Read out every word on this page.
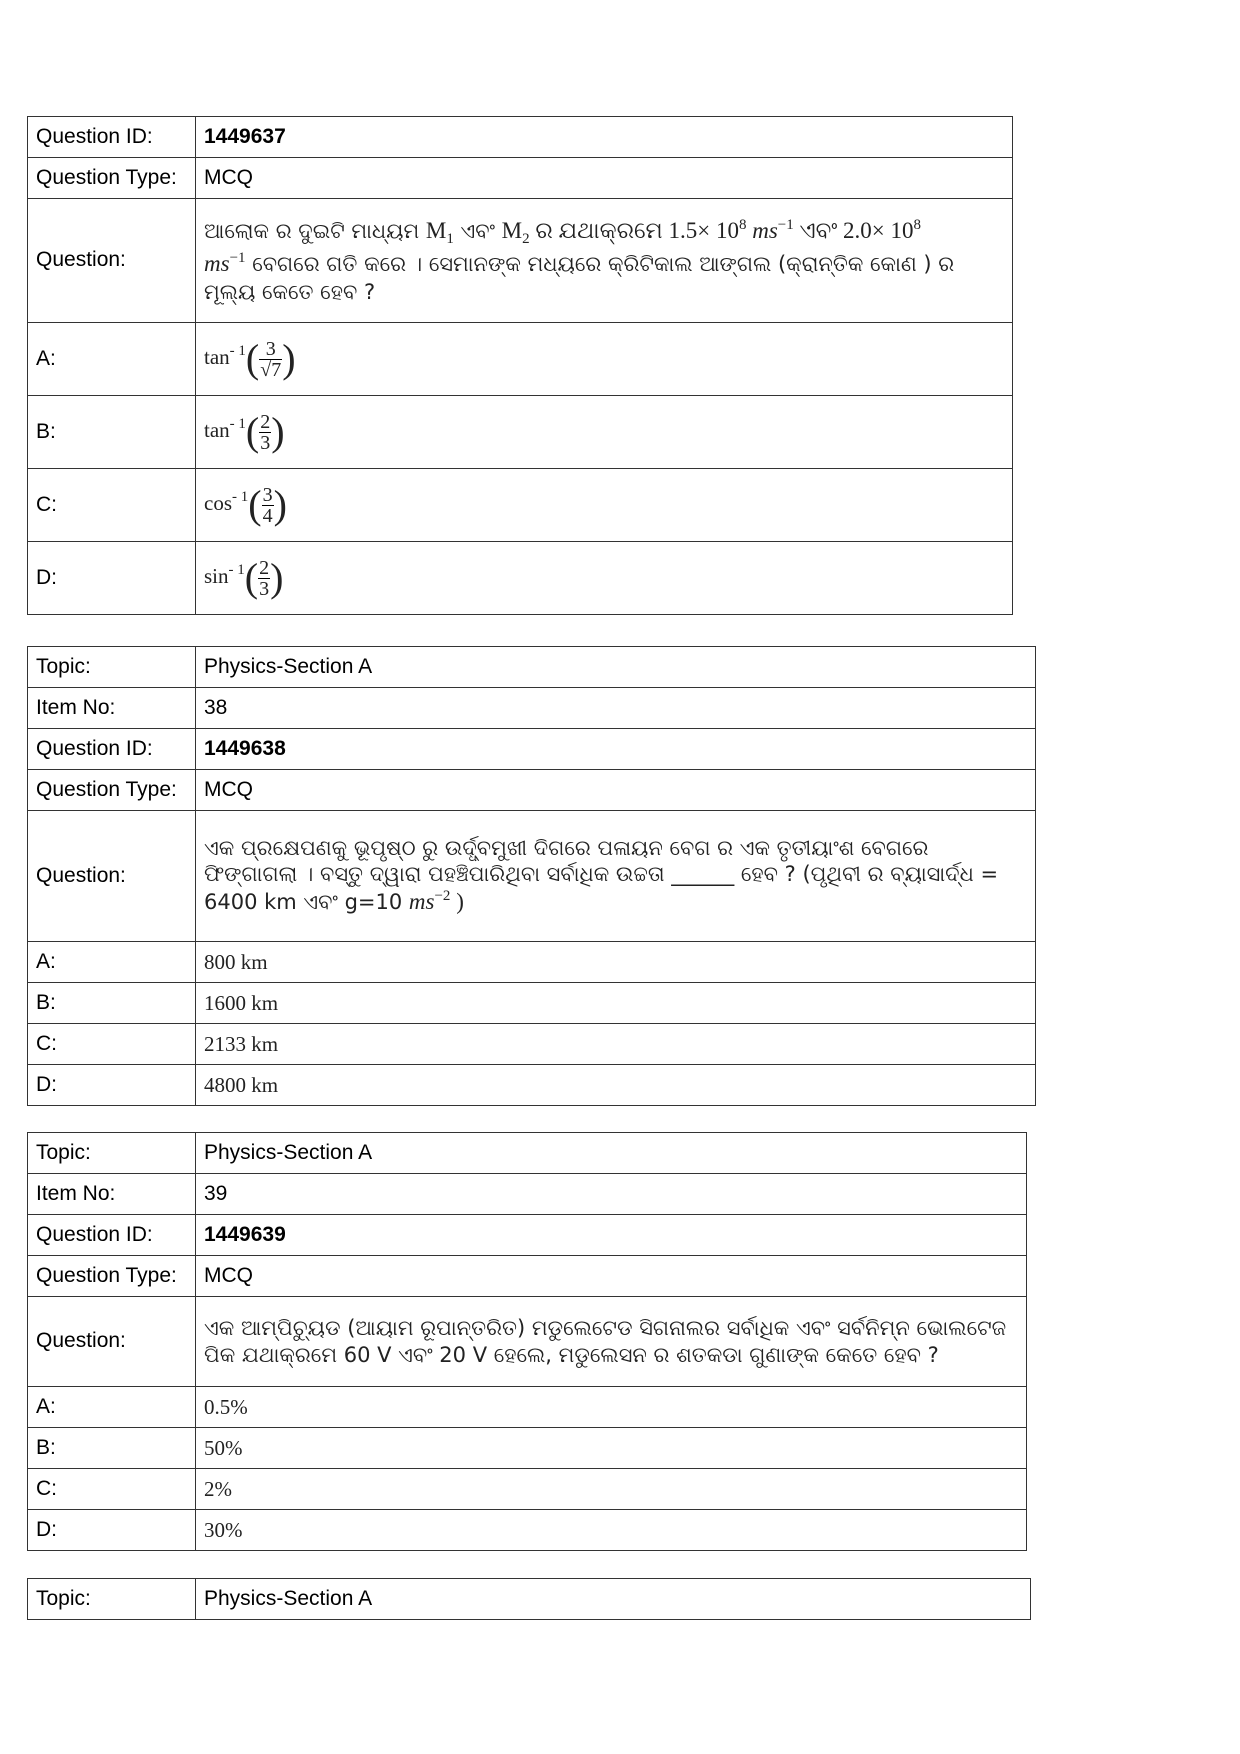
Question ID:	1449637
Question Type:	MCQ
Question:	ଆଲୋକ ର ଦୁଇଟି ମାଧ୍ୟମ $M_1$ ଏବଂ $M_2$ ର ଯଥାକ୍ରମେ $1.5\times 10^8$ $ms^{-1}$ ଏବଂ $2.0\times 10^8$
$ms^{-1}$ ବେଗରେ ଗତି କରେ । ସେମାନଙ୍କ ମଧ୍ୟରେ କ୍ରିଟିକାଲ ଆଙ୍ଗଲ (କ୍ରାନ୍ତିକ କୋଣ ) ର ମୂଲ୍ୟ କେତେ ହେବ ?
A:	$\tan^{- 1}( \frac{3}{√7}$ )
B:	$\tan^{- 1}( \frac{2}{3}$ )
C:	$\cos^{- 1}( \frac{3}{4}$ )
D:	$\sin^{- 1}( \frac{2}{3}$ )
Topic:	Physics-Section A
Item No:	38
Question ID:	1449638
Question Type:	MCQ
Question:	ଏକ ପ୍ରକ୍ଷେପଣକୁ ଭୂପୃଷ୍ଠ ରୁ ଉର୍ଦ୍ଧ୍ବମୁଖୀ ଦିଗରେ ପଳାୟନ ବେଗ ର ଏକ ତୃତୀୟାଂଶ ବେଗରେ ଫିଙ୍ଗାଗଲା । ବସ୍ତୁ ଦ୍ୱାରା ପହଞ୍ଚିପାରିଥିବା ସର୍ବାଧିକ ଉଚ୍ଚତା ______ ହେବ ? (ପୃଥିବୀ ର ବ୍ୟାସାର୍ଦ୍ଧ = 6400 km ଏବଂ g=10 $ms^{-2}$ )
A:	800 km
B:	1600 km
C:	2133 km
D:	4800 km
Topic:	Physics-Section A
Item No:	39
Question ID:	1449639
Question Type:	MCQ
Question:	ଏକ ଆମ୍ପିଚ୍ୟୁଡ (ଆୟାମ ରୂପାନ୍ତରିତ) ମଡୁଲେଟେଡ ସିଗନାଲର ସର୍ବାଧିକ ଏବଂ ସର୍ବନିମ୍ନ ଭୋଲଟେଜ ପିକ ଯଥାକ୍ରମେ 60 V ଏବଂ 20 V ହେଲେ, ମଡୁଲେସନ ର ଶତକଡା ଗୁଣାଙ୍କ କେତେ ହେବ ?
A:	0.5%
B:	50%
C:	2%
D:	30%
Topic:	Physics-Section A
